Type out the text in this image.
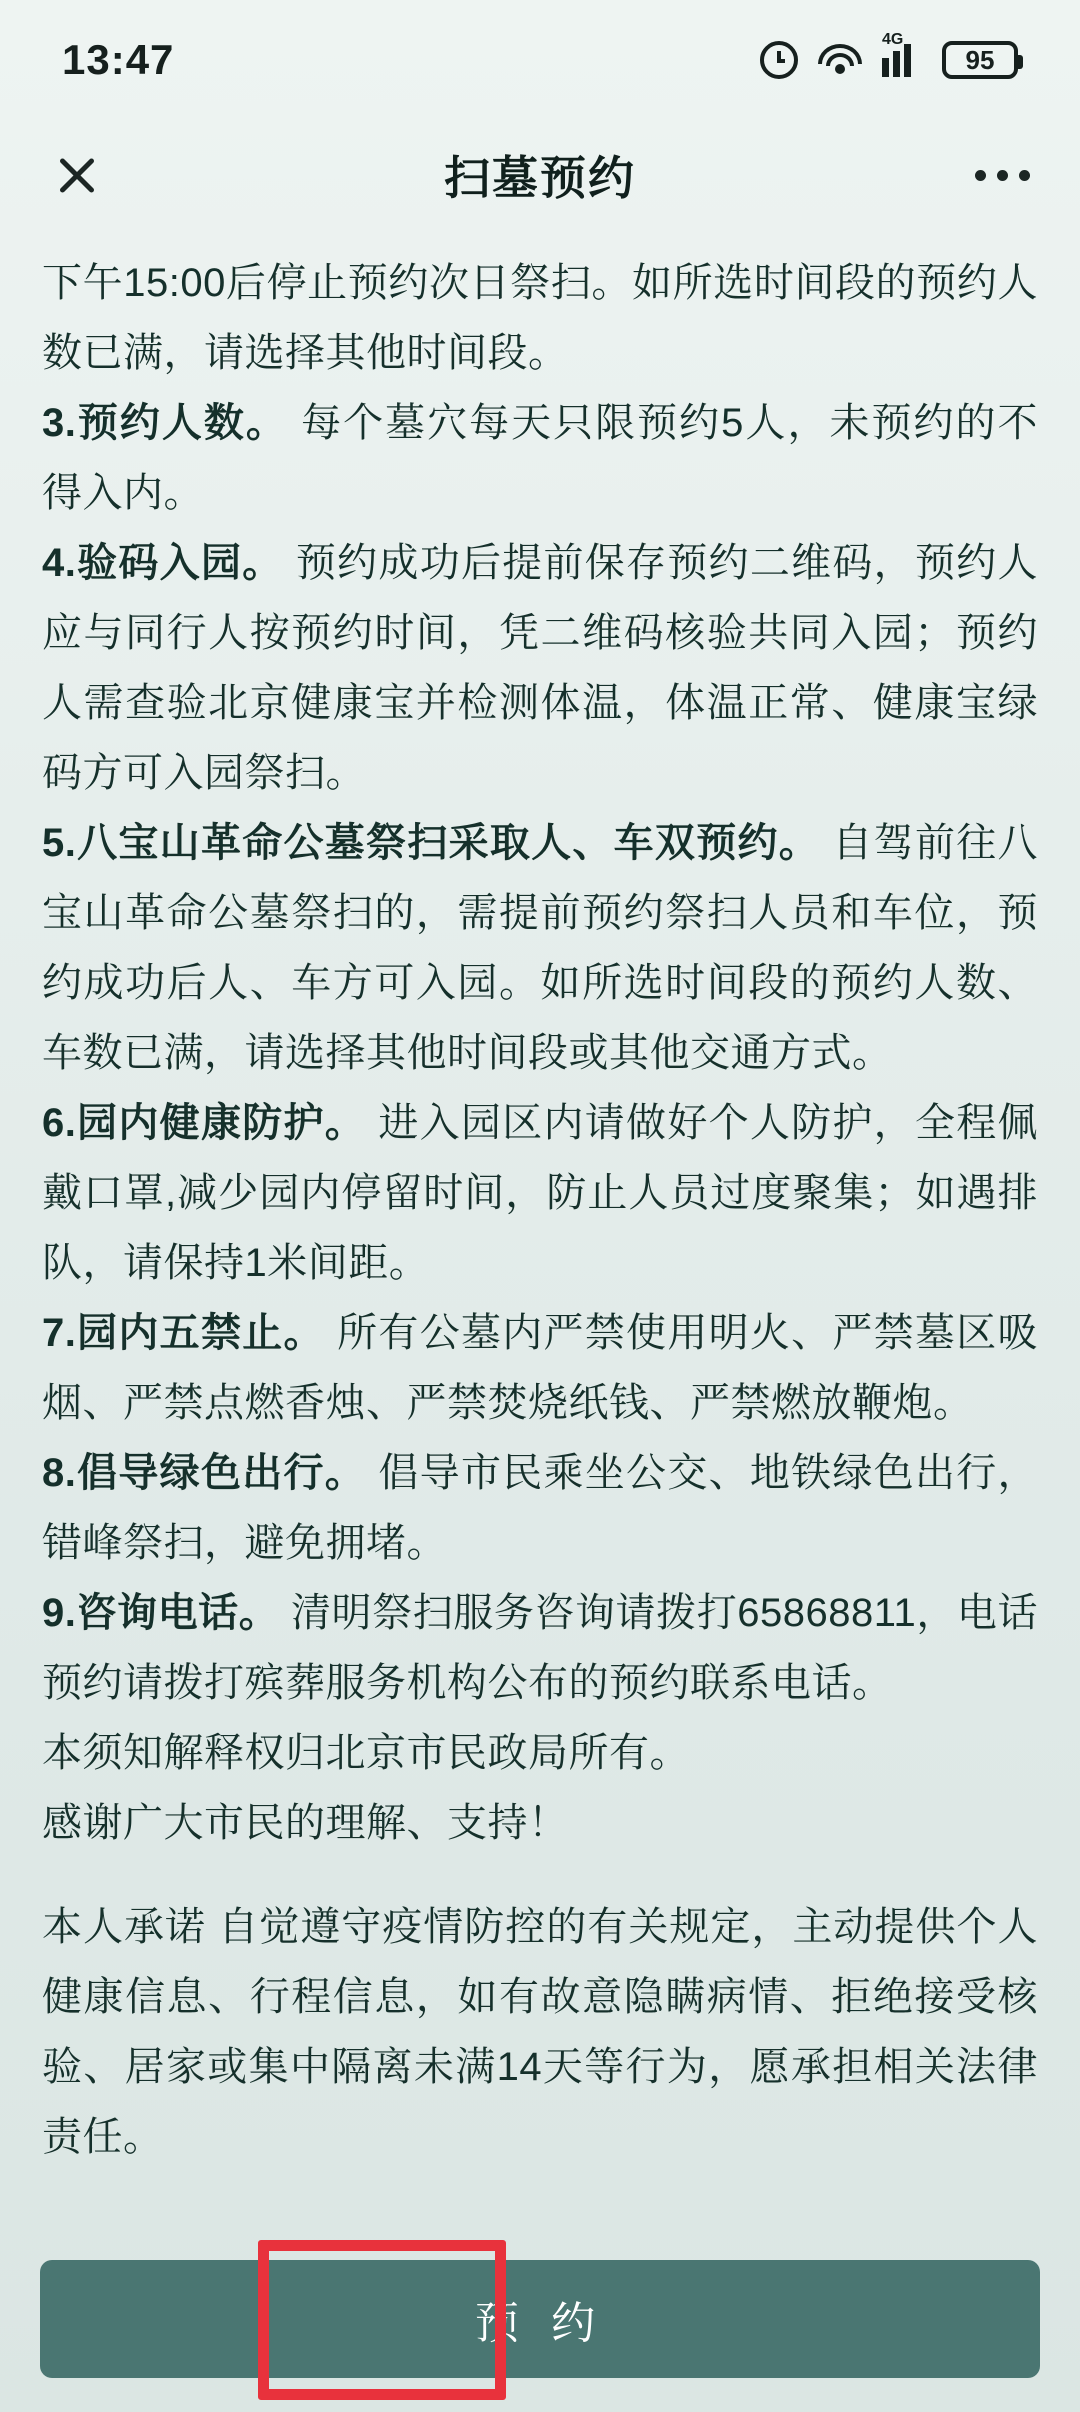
13:47	4G
95
扫墓预约

下午15:00后停止预约次日祭扫。如所选时间段的预约人数已满，请选择其他时间段。

3.预约人数。 每个墓穴每天只限预约5人，未预约的不得入内。

4.验码入园。 预约成功后提前保存预约二维码，预约人应与同行人按预约时间，凭二维码核验共同入园；预约人需查验北京健康宝并检测体温，体温正常、健康宝绿码方可入园祭扫。

5.八宝山革命公墓祭扫采取人、车双预约。 自驾前往八宝山革命公墓祭扫的，需提前预约祭扫人员和车位，预约成功后人、车方可入园。如所选时间段的预约人数、车数已满，请选择其他时间段或其他交通方式。

6.园内健康防护。 进入园区内请做好个人防护，全程佩戴口罩,减少园内停留时间，防止人员过度聚集；如遇排队，请保持1米间距。

7.园内五禁止。 所有公墓内严禁使用明火、严禁墓区吸烟、严禁点燃香烛、严禁焚烧纸钱、严禁燃放鞭炮。

8.倡导绿色出行。 倡导市民乘坐公交、地铁绿色出行，错峰祭扫，避免拥堵。

9.咨询电话。 清明祭扫服务咨询请拨打65868811，电话预约请拨打殡葬服务机构公布的预约联系电话。

本须知解释权归北京市民政局所有。

感谢广大市民的理解、支持！

本人承诺 自觉遵守疫情防控的有关规定，主动提供个人健康信息、行程信息，如有故意隐瞒病情、拒绝接受核验、居家或集中隔离未满14天等行为，愿承担相关法律责任。

预 约
